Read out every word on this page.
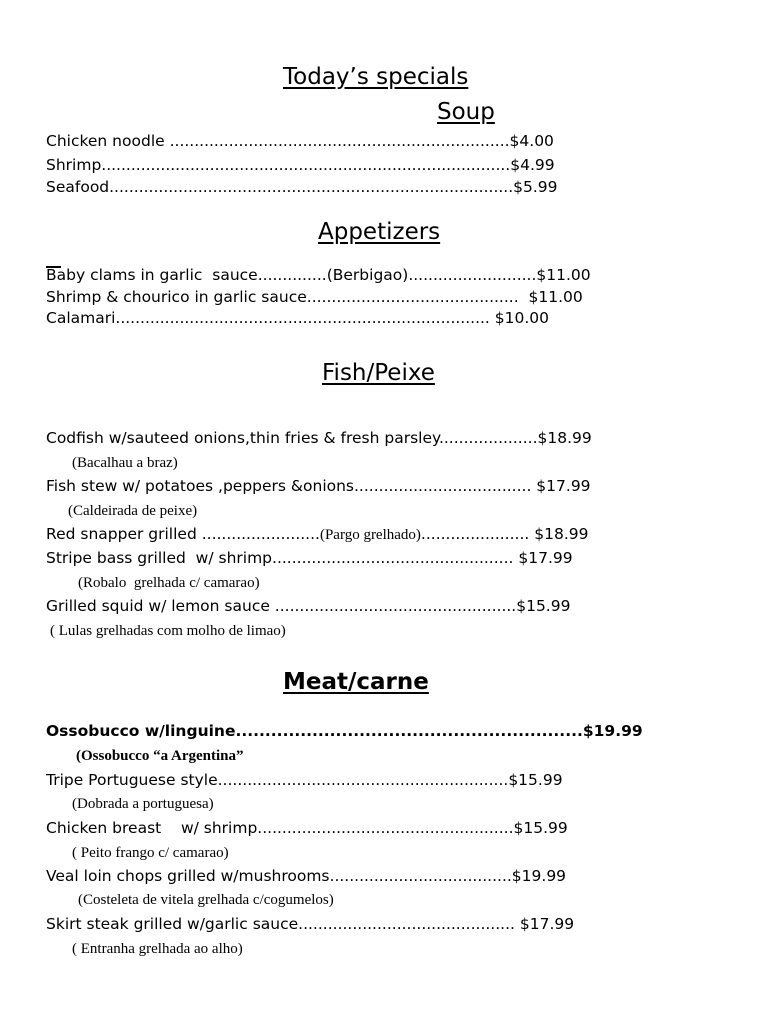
Today’s specials
Soup
Chicken noodle .....................................................................$4.00
Shrimp...................................................................................$4.99
Seafood..................................................................................$5.99
Appetizers
Baby clams in garlic  sauce..............(Berbigao)..........................$11.00
Shrimp & chourico in garlic sauce...........................................  $11.00
Calamari............................................................................ $10.00
Fish/Peixe
Codfish w/sauteed onions,thin fries & fresh parsley....................$18.99
(Bacalhau a braz)
Fish stew w/ potatoes ,peppers &onions.................................... $17.99
(Caldeirada de peixe)
Red snapper grilled ........................(Pargo grelhado)...................... $18.99
Stripe bass grilled  w/ shrimp................................................. $17.99
(Robalo  grelhada c/ camarao)
Grilled squid w/ lemon sauce .................................................$15.99
( Lulas grelhadas com molho de limao)
Meat/carne
Ossobucco w/linguine...........................................................$19.99
(Ossobucco “a Argentina”
Tripe Portuguese style...........................................................$15.99
(Dobrada a portuguesa)
Chicken breast    w/ shrimp....................................................$15.99
( Peito frango c/ camarao)
Veal loin chops grilled w/mushrooms.....................................$19.99
(Costeleta de vitela grelhada c/cogumelos)
Skirt steak grilled w/garlic sauce............................................ $17.99
( Entranha grelhada ao alho)
